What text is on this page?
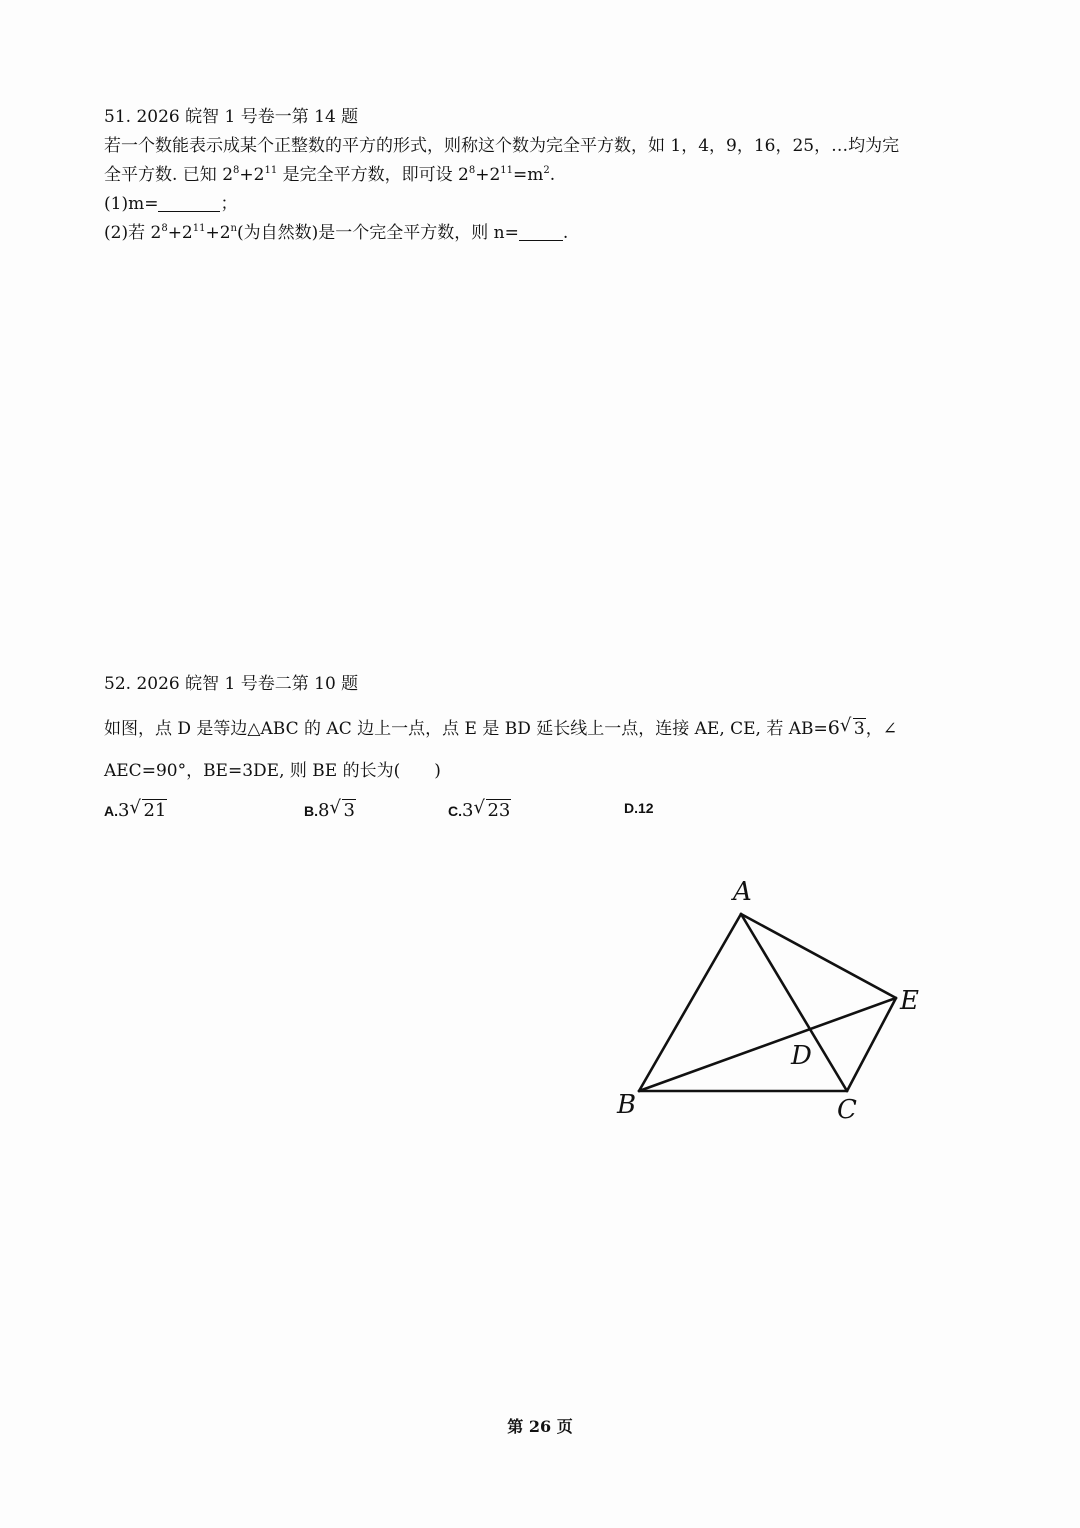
51. 2026 皖智 1 号卷一第 14 题
若一个数能表示成某个正整数的平方的形式，则称这个数为完全平方数，如 1，4，9，16，25，…均为完
全平方数. 已知 $2^8+2^{11}$ 是完全平方数，即可设 $2^8+2^{11}=m^2$.
(1)m=	；
(2)若 $2^8+2^{11}+2^n$(为自然数)是一个完全平方数，则 n=	.
52. 2026 皖智 1 号卷二第 10 题
如图，点 D 是等边△ABC 的 AC 边上一点，点 E 是 BD 延长线上一点，连接 AE, CE, 若 AB=6 √ 3，∠
AEC=90°，BE=3DE, 则 BE 的长为(　　)
A.3 √ 21	B.8 √ 3	C.3 √ 23	D.12
A
B	C
D
E
第 26 页
